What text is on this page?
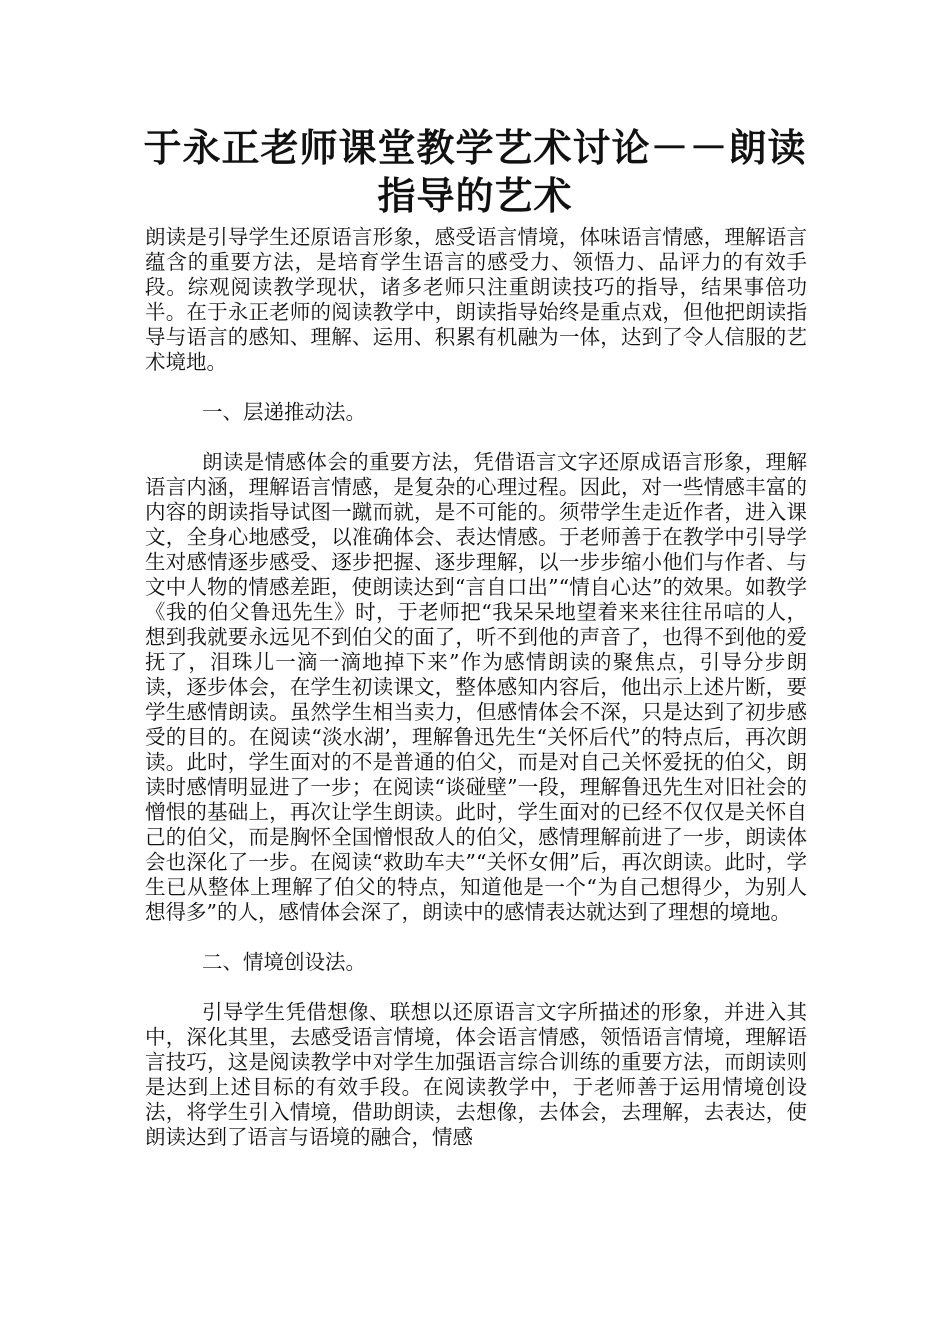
于永正老师课堂教学艺术讨论－－朗读
指导的艺术

朗读是引导学生还原语言形象，感受语言情境，体味语言情感，理解语言蕴含的重要方法，是培育学生语言的感受力、领悟力、品评力的有效手段。综观阅读教学现状，诸多老师只注重朗读技巧的指导，结果事倍功半。在于永正老师的阅读教学中，朗读指导始终是重点戏，但他把朗读指导与语言的感知、理解、运用、积累有机融为一体，达到了令人信服的艺术境地。

一、层递推动法。

朗读是情感体会的重要方法，凭借语言文字还原成语言形象，理解语言内涵，理解语言情感，是复杂的心理过程。因此，对一些情感丰富的内容的朗读指导试图一蹴而就，是不可能的。须带学生走近作者，进入课文，全身心地感受，以准确体会、表达情感。于老师善于在教学中引导学生对感情逐步感受、逐步把握、逐步理解，以一步步缩小他们与作者、与文中人物的情感差距，使朗读达到“言自口出”“情自心达”的效果。如教学《我的伯父鲁迅先生》时，于老师把“我呆呆地望着来来往往吊唁的人，想到我就要永远见不到伯父的面了，听不到他的声音了，也得不到他的爱抚了，泪珠儿一滴一滴地掉下来”作为感情朗读的聚焦点，引导分步朗读，逐步体会，在学生初读课文，整体感知内容后，他出示上述片断，要学生感情朗读。虽然学生相当卖力，但感情体会不深，只是达到了初步感受的目的。在阅读“淡水湖’，理解鲁迅先生“关怀后代”的特点后，再次朗读。此时，学生面对的不是普通的伯父，而是对自己关怀爱抚的伯父，朗读时感情明显进了一步；在阅读“谈碰壁”一段，理解鲁迅先生对旧社会的憎恨的基础上，再次让学生朗读。此时，学生面对的已经不仅仅是关怀自己的伯父，而是胸怀全国憎恨敌人的伯父，感情理解前进了一步，朗读体会也深化了一步。在阅读“救助车夫”“关怀女佣”后，再次朗读。此时，学生已从整体上理解了伯父的特点，知道他是一个“为自己想得少，为别人想得多”的人，感情体会深了，朗读中的感情表达就达到了理想的境地。

二、情境创设法。

引导学生凭借想像、联想以还原语言文字所描述的形象，并进入其中，深化其里，去感受语言情境，体会语言情感，领悟语言情境，理解语言技巧，这是阅读教学中对学生加强语言综合训练的重要方法，而朗读则是达到上述目标的有效手段。在阅读教学中，于老师善于运用情境创设法，将学生引入情境，借助朗读，去想像，去体会，去理解，去表达，使朗读达到了语言与语境的融合，情感
